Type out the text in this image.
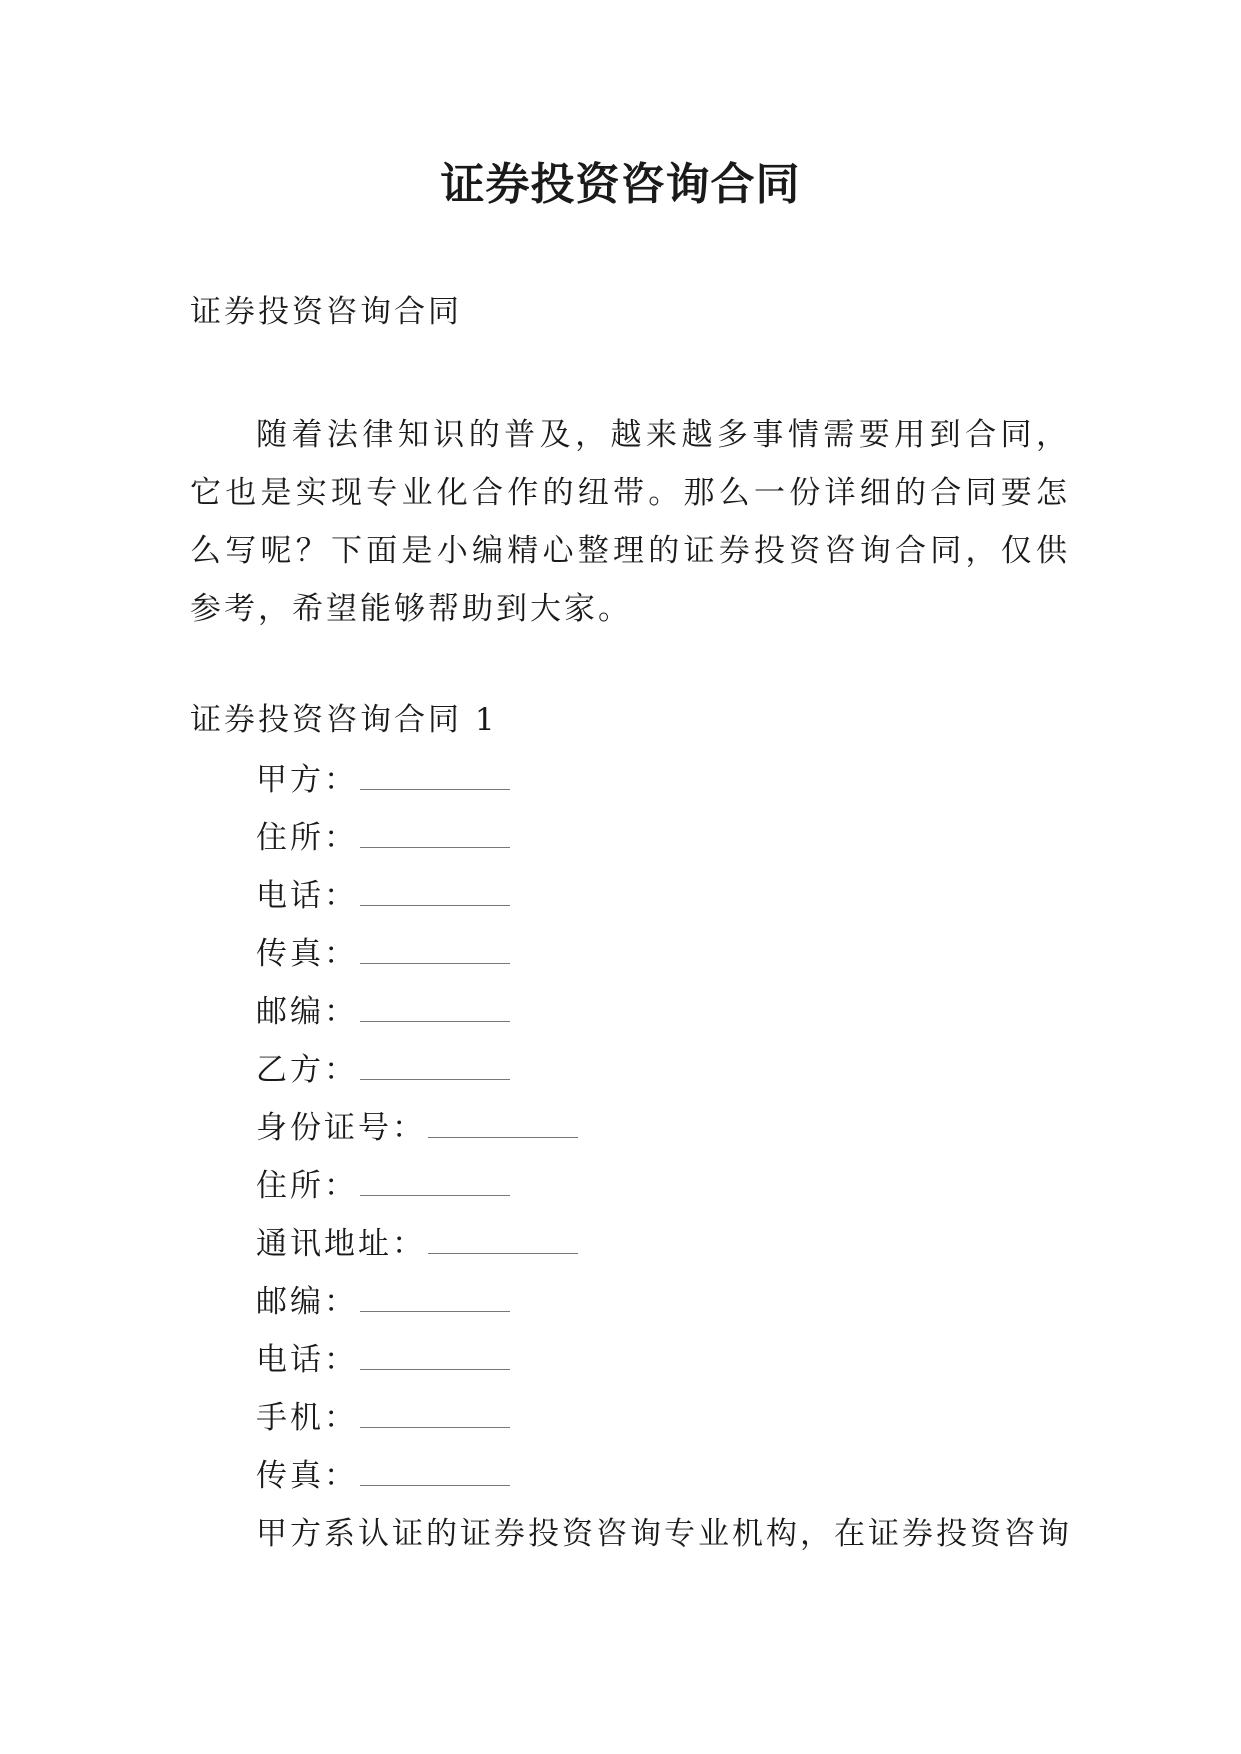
证券投资咨询合同
证券投资咨询合同

随着法律知识的普及，越来越多事情需要用到合同，它也是实现专业化合作的纽带。那么一份详细的合同要怎么写呢？下面是小编精心整理的证券投资咨询合同，仅供参考，希望能够帮助到大家。

证券投资咨询合同 1
甲方：
住所：
电话：
传真：
邮编：
乙方：
身份证号：
住所：
通讯地址：
邮编：
电话：
手机：
传真：
甲方系认证的证券投资咨询专业机构，在证券投资咨询
